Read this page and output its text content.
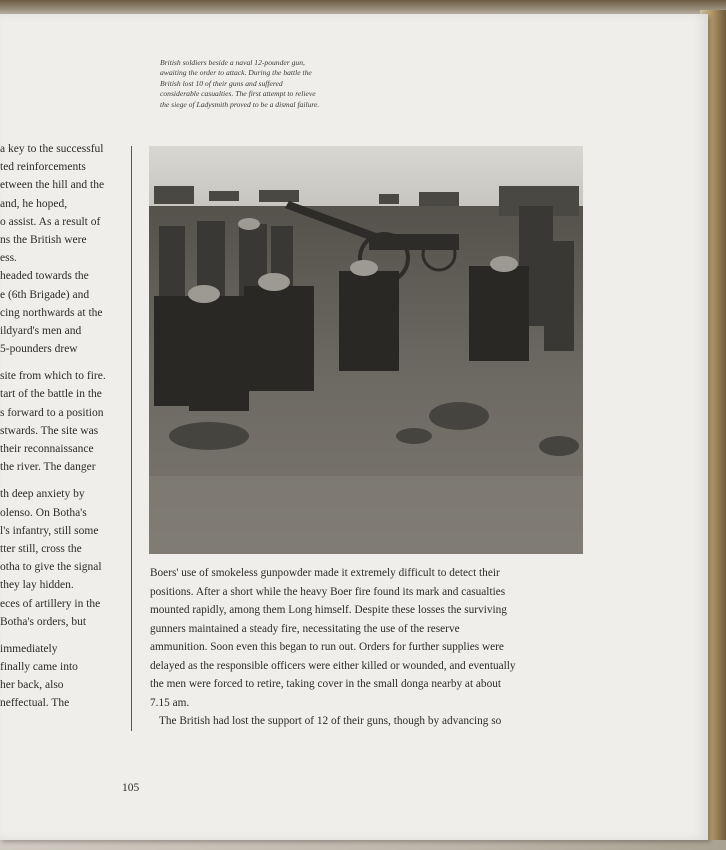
British soldiers beside a naval 12-pounder gun, awaiting the order to attack. During the battle the British lost 10 of their guns and suffered considerable casualties. The first attempt to relieve the siege of Ladysmith proved to be a dismal failure.
a key to the successful
ted reinforcements
etween the hill and the
and, he hoped,
o assist. As a result of
ns the British were
ess.
headed towards the
e (6th Brigade) and
cing northwards at the
ildyard's men and
5-pounders drew
site from which to fire.
tart of the battle in the
s forward to a position
stwards. The site was
their reconnaissance
the river. The danger
th deep anxiety by
olenso. On Botha's
l's infantry, still some
tter still, cross the
otha to give the signal
they lay hidden.
eces of artillery in the
Botha's orders, but
immediately
finally came into
her back, also
neffectual. The
Boers' use of smokeless gunpowder made it extremely difficult to detect their
positions. After a short while the heavy Boer fire found its mark and casualties
mounted rapidly, among them Long himself. Despite these losses the surviving
gunners maintained a steady fire, necessitating the use of the reserve
ammunition. Soon even this began to run out. Orders for further supplies were
delayed as the responsible officers were either killed or wounded, and eventually
the men were forced to retire, taking cover in the small donga nearby at about
7.15 am.
The British had lost the support of 12 of their guns, though by advancing so
105
